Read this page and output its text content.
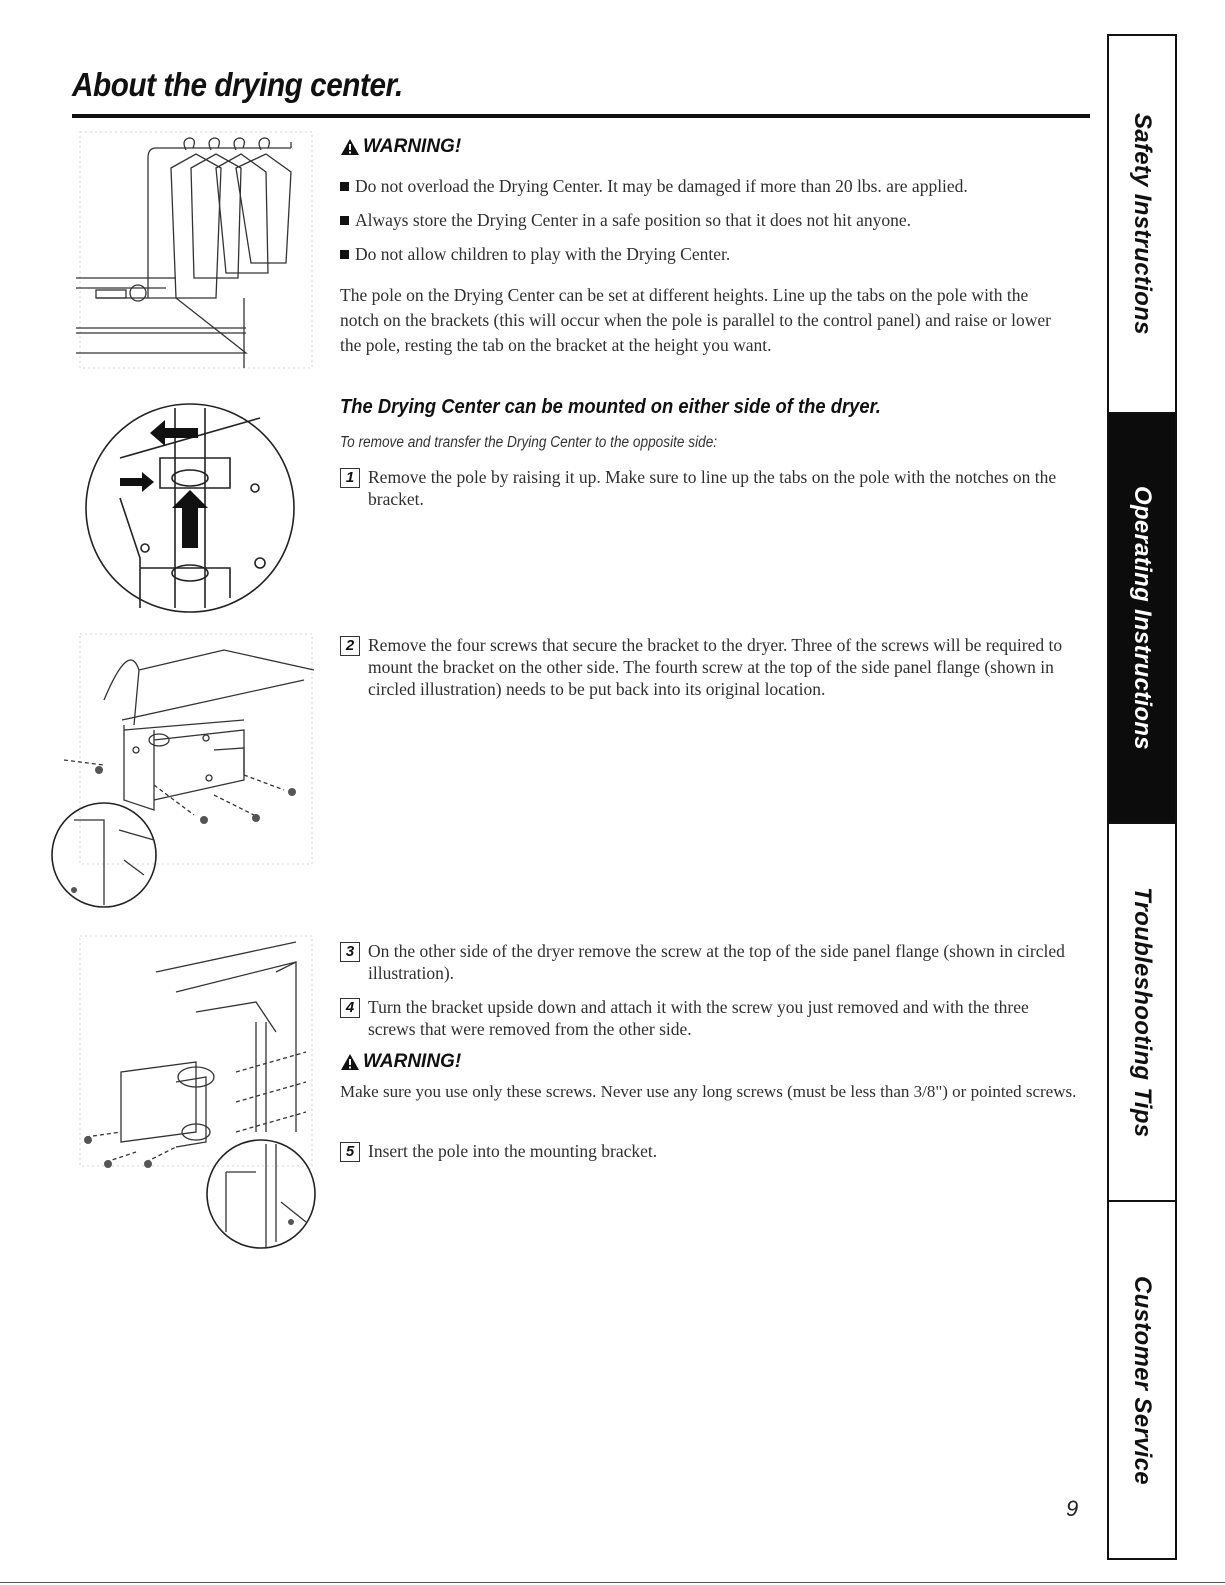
About the drying center.
WARNING!
Do not overload the Drying Center. It may be damaged if more than 20 lbs. are applied.
Always store the Drying Center in a safe position so that it does not hit anyone.
Do not allow children to play with the Drying Center.
The pole on the Drying Center can be set at different heights. Line up the tabs on the pole with the notch on the brackets (this will occur when the pole is parallel to the control panel) and raise or lower the pole, resting the tab on the bracket at the height you want.
The Drying Center can be mounted on either side of the dryer.
To remove and transfer the Drying Center to the opposite side:
1 Remove the pole by raising it up. Make sure to line up the tabs on the pole with the notches on the bracket.
2 Remove the four screws that secure the bracket to the dryer. Three of the screws will be required to mount the bracket on the other side. The fourth screw at the top of the side panel flange (shown in circled illustration) needs to be put back into its original location.
3 On the other side of the dryer remove the screw at the top of the side panel flange (shown in circled illustration).
4 Turn the bracket upside down and attach it with the screw you just removed and with the three screws that were removed from the other side.
WARNING!
Make sure you use only these screws. Never use any long screws (must be less than 3/8") or pointed screws.
5 Insert the pole into the mounting bracket.
Safety Instructions
Operating Instructions
Troubleshooting Tips
Customer Service
9
